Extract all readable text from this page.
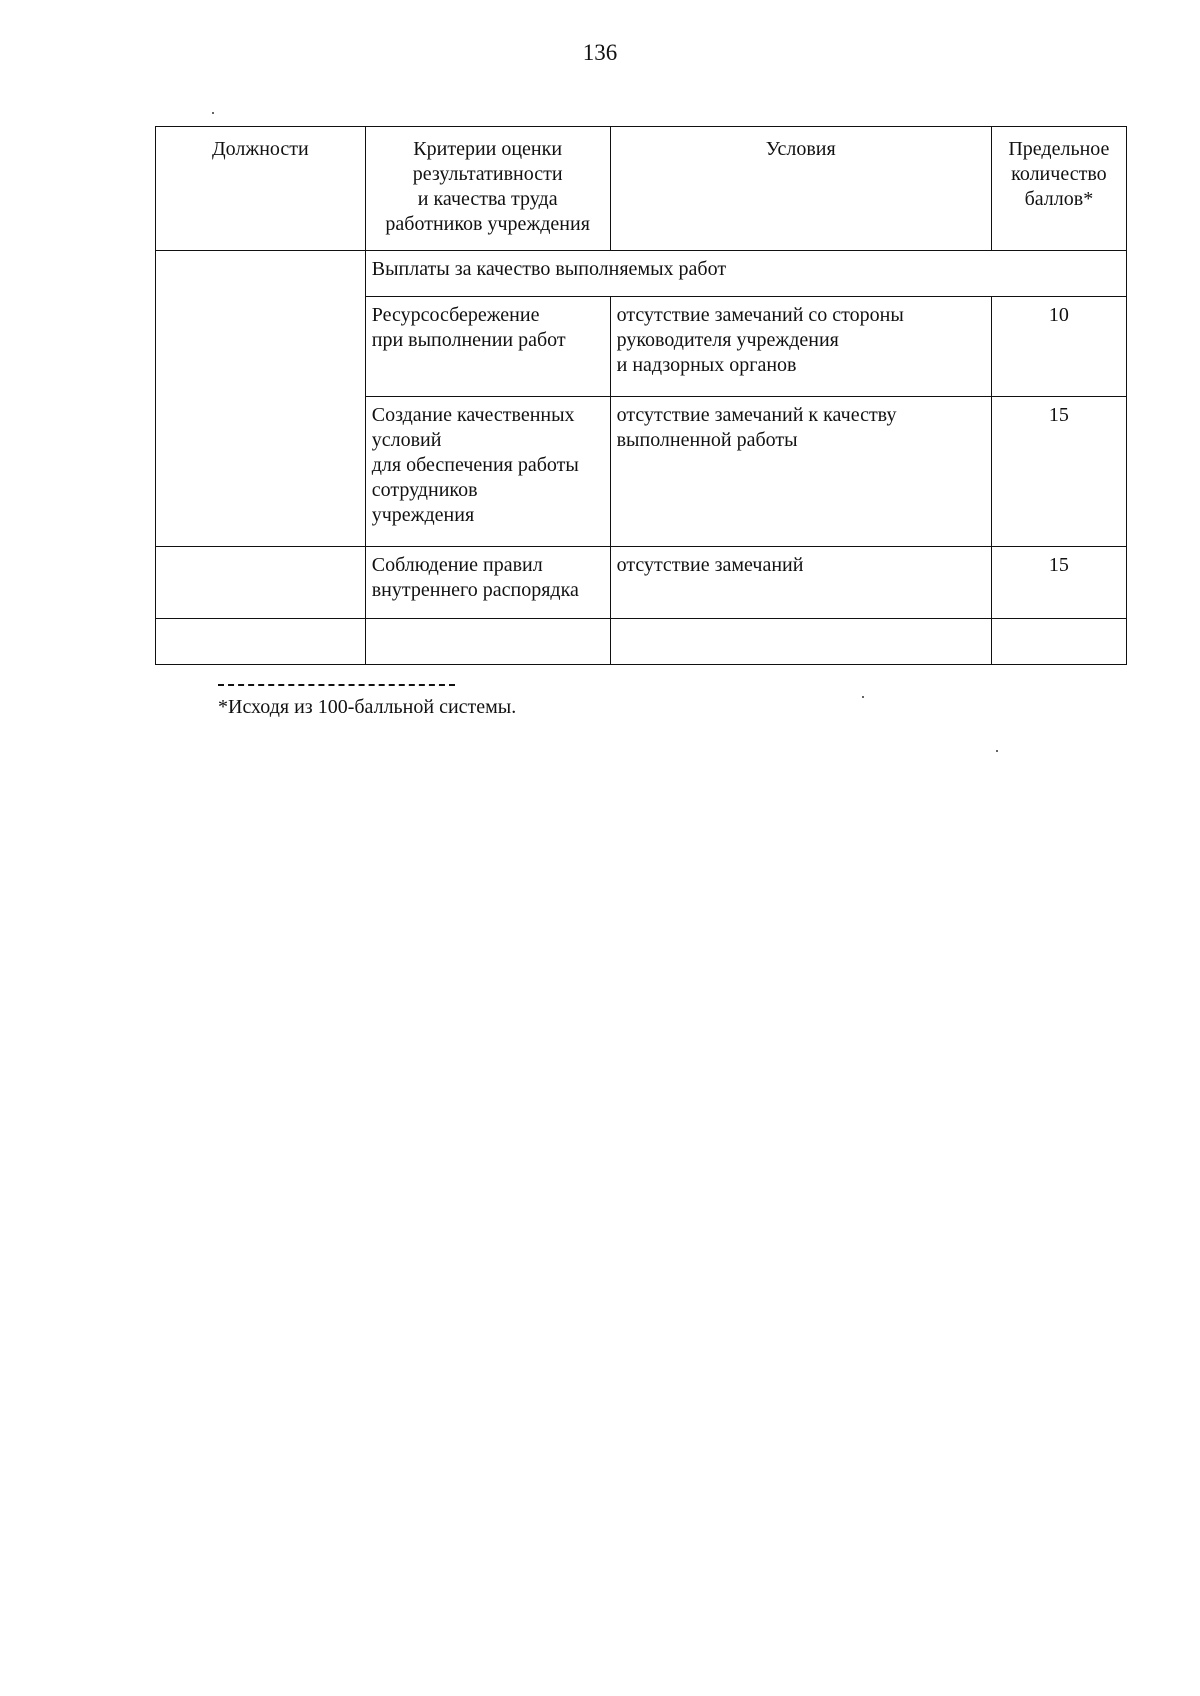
136
Должности	Критерии оценки
результативности
и качества труда
работников учреждения	Условия	Предельное
количество
баллов*
	Выплаты за качество выполняемых работ		
	Ресурсосбережение
при выполнении работ	отсутствие замечаний со стороны
руководителя учреждения
и надзорных органов	10
	Создание качественных
условий
для обеспечения работы
сотрудников
учреждения	отсутствие замечаний к качеству
выполненной работы	15
	Соблюдение правил
внутреннего распорядка	отсутствие замечаний	15

*Исходя из 100-балльной системы.
